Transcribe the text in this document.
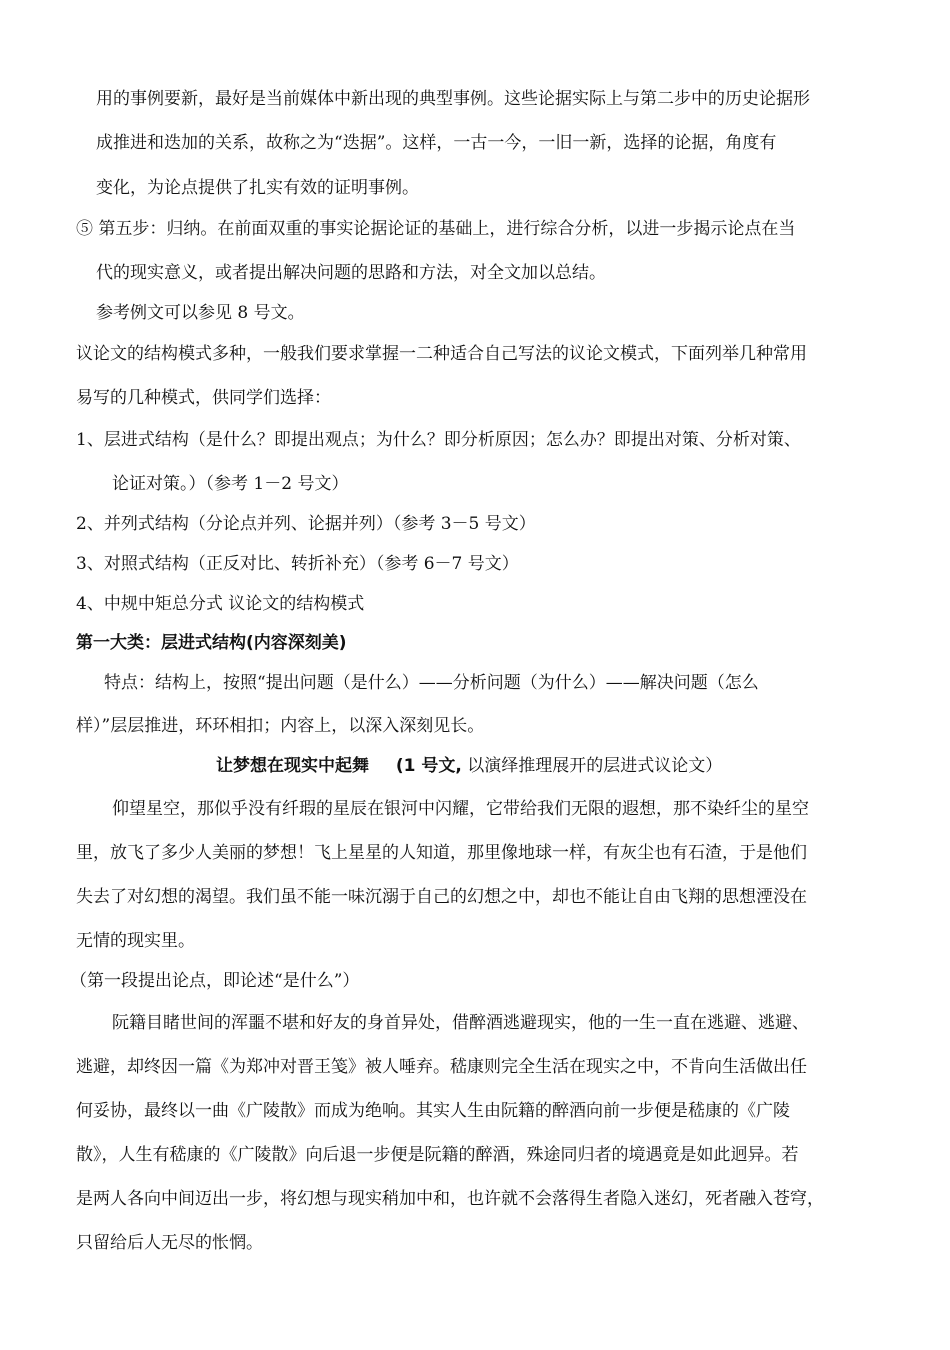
用的事例要新，最好是当前媒体中新出现的典型事例。这些论据实际上与第二步中的历史论据形
成推进和迭加的关系，故称之为“迭据”。这样，一古一今，一旧一新，选择的论据，角度有
变化，为论点提供了扎实有效的证明事例。
⑤ 第五步：归纳。在前面双重的事实论据论证的基础上，进行综合分析，以进一步揭示论点在当
代的现实意义，或者提出解决问题的思路和方法，对全文加以总结。
参考例文可以参见 8 号文。
议论文的结构模式多种，一般我们要求掌握一二种适合自己写法的议论文模式，下面列举几种常用
易写的几种模式，供同学们选择：
1、层进式结构（是什么？即提出观点；为什么？即分析原因；怎么办？即提出对策、分析对策、
论证对策。）（参考 1－2 号文）
2、并列式结构（分论点并列、论据并列）（参考 3－5 号文）
3、对照式结构（正反对比、转折补充）（参考 6－7 号文）
4、中规中矩总分式 议论文的结构模式
第一大类：层进式结构(内容深刻美)
特点：结构上，按照“提出问题（是什么）——分析问题（为什么）——解决问题（怎么
样）”层层推进，环环相扣；内容上，以深入深刻见长。
让梦想在现实中起舞 (1 号文, 以演绎推理展开的层进式议论文）
仰望星空，那似乎没有纤瑕的星辰在银河中闪耀，它带给我们无限的遐想，那不染纤尘的星空
里，放飞了多少人美丽的梦想！飞上星星的人知道，那里像地球一样，有灰尘也有石渣，于是他们
失去了对幻想的渴望。我们虽不能一味沉溺于自己的幻想之中，却也不能让自由飞翔的思想湮没在
无情的现实里。
（第一段提出论点，即论述“是什么”）
阮籍目睹世间的浑噩不堪和好友的身首异处，借醉酒逃避现实，他的一生一直在逃避、逃避、
逃避，却终因一篇《为郑冲对晋王笺》被人唾弃。嵇康则完全生活在现实之中，不肯向生活做出任
何妥协，最终以一曲《广陵散》而成为绝响。其实人生由阮籍的醉酒向前一步便是嵇康的《广陵
散》，人生有嵇康的《广陵散》向后退一步便是阮籍的醉酒，殊途同归者的境遇竟是如此迥异。若
是两人各向中间迈出一步，将幻想与现实稍加中和，也许就不会落得生者隐入迷幻，死者融入苍穹，
只留给后人无尽的怅惘。
